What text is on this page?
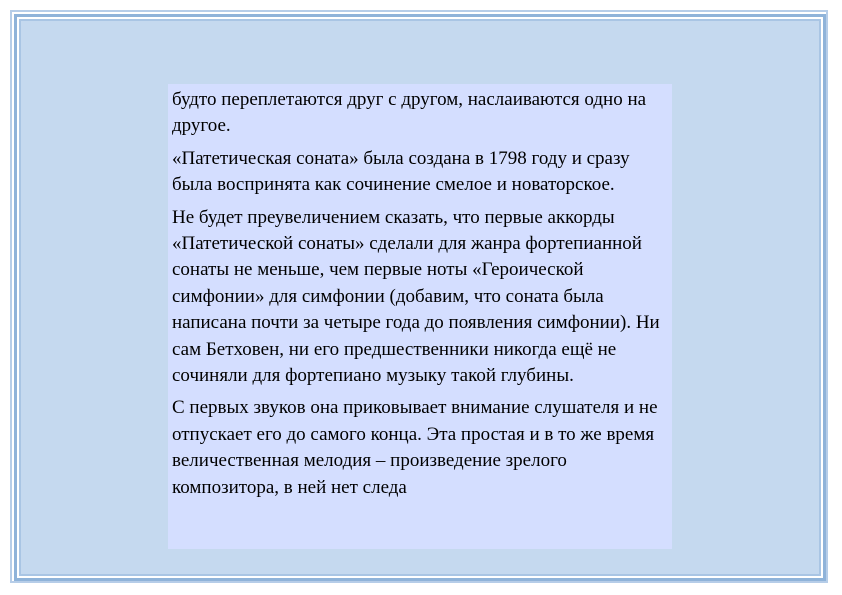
будто переплетаются друг с другом, наслаиваются одно на другое.

«Патетическая соната» была создана в 1798 году и сразу была воспринята как сочинение смелое и новаторское.

Не будет преувеличением сказать, что первые аккорды «Патетической сонаты» сделали для жанра фортепианной сонаты не меньше, чем первые ноты «Героической симфонии» для симфонии (добавим, что соната была написана почти за четыре года до появления симфонии). Ни сам Бетховен, ни его предшественники никогда ещё не сочиняли для фортепиано музыку такой глубины.

С первых звуков она приковывает внимание слушателя и не отпускает его до самого конца. Эта простая и в то же время величественная мелодия – произведение зрелого композитора, в ней нет следа
